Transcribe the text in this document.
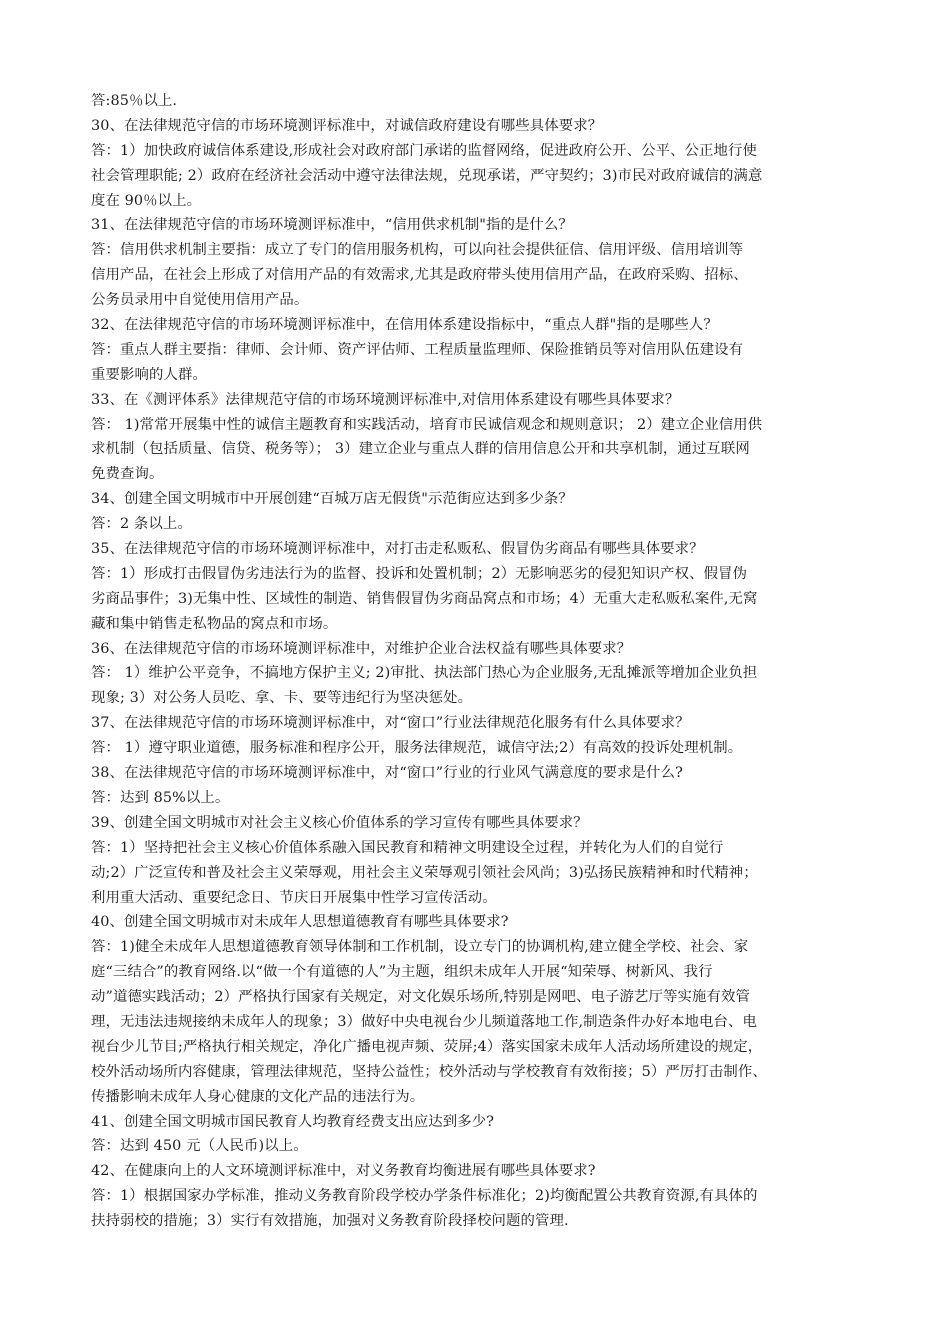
答:85％以上.
30、在法律规范守信的市场环境测评标准中，对诚信政府建设有哪些具体要求？
答：1）加快政府诚信体系建设,形成社会对政府部门承诺的监督网络，促进政府公开、公平、公正地行使
社会管理职能; 2）政府在经济社会活动中遵守法律法规，兑现承诺，严守契约；3)市民对政府诚信的满意
度在 90％以上。
31、在法律规范守信的市场环境测评标准中，“信用供求机制"指的是什么？
答：信用供求机制主要指：成立了专门的信用服务机构，可以向社会提供征信、信用评级、信用培训等
信用产品，在社会上形成了对信用产品的有效需求,尤其是政府带头使用信用产品，在政府采购、招标、
公务员录用中自觉使用信用产品。
32、在法律规范守信的市场环境测评标准中，在信用体系建设指标中，“重点人群"指的是哪些人？
答：重点人群主要指：律师、会计师、资产评估师、工程质量监理师、保险推销员等对信用队伍建设有
重要影响的人群。
33、在《测评体系》法律规范守信的市场环境测评标准中,对信用体系建设有哪些具体要求？
答： 1)常常开展集中性的诚信主题教育和实践活动，培育市民诚信观念和规则意识； 2）建立企业信用供
求机制（包括质量、信贷、税务等）； 3）建立企业与重点人群的信用信息公开和共享机制，通过互联网
免费查询。
34、创建全国文明城市中开展创建“百城万店无假货"示范街应达到多少条？
答：2 条以上。
35、在法律规范守信的市场环境测评标准中，对打击走私贩私、假冒伪劣商品有哪些具体要求？
答：1）形成打击假冒伪劣违法行为的监督、投诉和处置机制；2）无影响恶劣的侵犯知识产权、假冒伪
劣商品事件；3)无集中性、区域性的制造、销售假冒伪劣商品窝点和市场；4）无重大走私贩私案件,无窝
藏和集中销售走私物品的窝点和市场。
36、在法律规范守信的市场环境测评标准中，对维护企业合法权益有哪些具体要求？
答： 1）维护公平竞争，不搞地方保护主义; 2)审批、执法部门热心为企业服务,无乱摊派等增加企业负担
现象; 3）对公务人员吃、拿、卡、要等违纪行为坚决惩处。
37、在法律规范守信的市场环境测评标准中，对“窗口”行业法律规范化服务有什么具体要求？
答： 1）遵守职业道德，服务标准和程序公开，服务法律规范，诚信守法;2）有高效的投诉处理机制。
38、在法律规范守信的市场环境测评标准中，对“窗口”行业的行业风气满意度的要求是什么?
答：达到 85%以上。
39、创建全国文明城市对社会主义核心价值体系的学习宣传有哪些具体要求？
答：1）坚持把社会主义核心价值体系融入国民教育和精神文明建设全过程，并转化为人们的自觉行
动;2）广泛宣传和普及社会主义荣辱观，用社会主义荣辱观引领社会风尚；3)弘扬民族精神和时代精神；
利用重大活动、重要纪念日、节庆日开展集中性学习宣传活动。
40、创建全国文明城市对未成年人思想道德教育有哪些具体要求?
答：1)健全未成年人思想道德教育领导体制和工作机制，设立专门的协调机构,建立健全学校、社会、家
庭“三结合”的教育网络.以“做一个有道德的人”为主题，组织未成年人开展“知荣辱、树新风、我行
动”道德实践活动；2）严格执行国家有关规定，对文化娱乐场所,特别是网吧、电子游艺厅等实施有效管
理，无违法违规接纳未成年人的现象；3）做好中央电视台少儿频道落地工作,制造条件办好本地电台、电
视台少儿节目;严格执行相关规定，净化广播电视声频、荧屏;4）落实国家未成年人活动场所建设的规定，
校外活动场所内容健康，管理法律规范，坚持公益性；校外活动与学校教育有效衔接；5）严厉打击制作、
传播影响未成年人身心健康的文化产品的违法行为。
41、创建全国文明城市国民教育人均教育经费支出应达到多少?
答：达到 450 元（人民币)以上。
42、在健康向上的人文环境测评标准中，对义务教育均衡进展有哪些具体要求?
答：1）根据国家办学标准，推动义务教育阶段学校办学条件标准化；2)均衡配置公共教育资源,有具体的
扶持弱校的措施；3）实行有效措施，加强对义务教育阶段择校问题的管理.
